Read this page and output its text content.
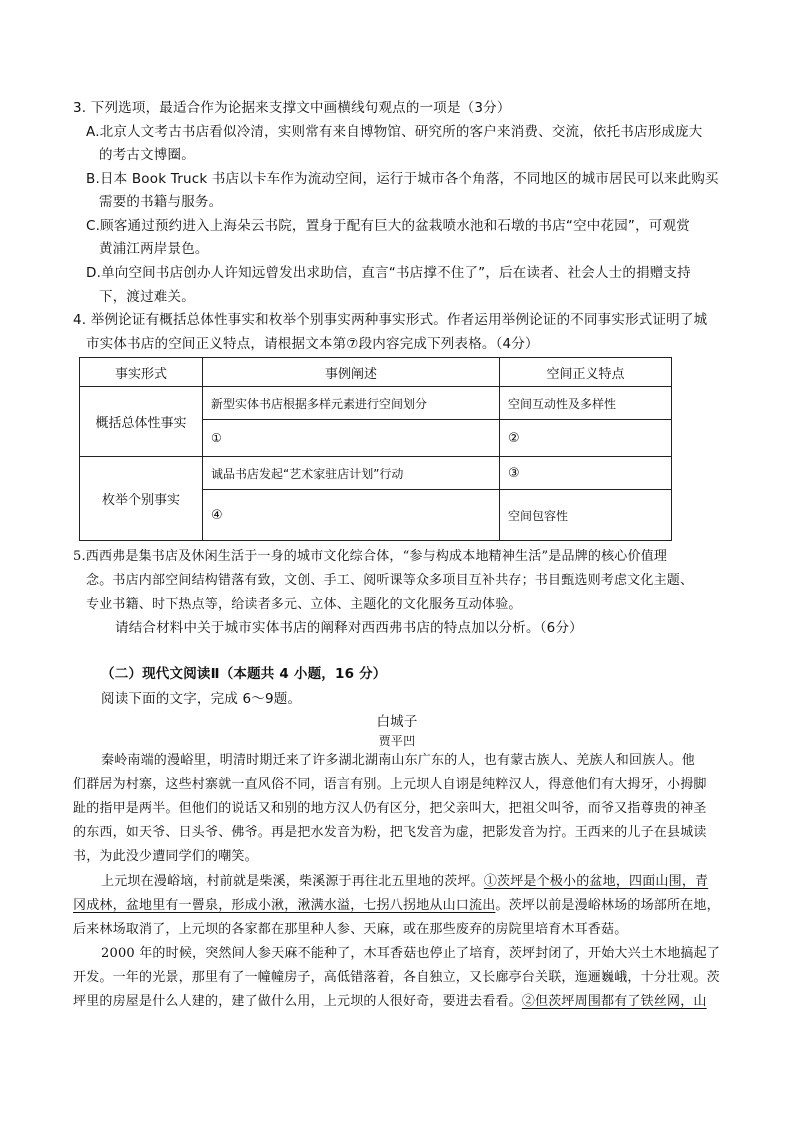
3. 下列选项，最适合作为论据来支撑文中画横线句观点的一项是（3分）
A.北京人文考古书店看似冷清，实则常有来自博物馆、研究所的客户来消费、交流，依托书店形成庞大
的考古文博圈。
B.日本 Book Truck 书店以卡车作为流动空间，运行于城市各个角落，不同地区的城市居民可以来此购买
需要的书籍与服务。
C.顾客通过预约进入上海朵云书院，置身于配有巨大的盆栽喷水池和石墩的书店“空中花园”，可观赏
黄浦江两岸景色。
D.单向空间书店创办人许知远曾发出求助信，直言“书店撑不住了”，后在读者、社会人士的捐赠支持
下，渡过难关。
4. 举例论证有概括总体性事实和枚举个别事实两种事实形式。作者运用举例论证的不同事实形式证明了城
市实体书店的空间正义特点，请根据文本第⑦段内容完成下列表格。（4分）
事实形式	事例阐述	空间正义特点
概括总体性事实	新型实体书店根据多样元素进行空间划分	空间互动性及多样性
	①	②
枚举个别事实	诚品书店发起“艺术家驻店计划”行动	③
	④	空间包容性
5.西西弗是集书店及休闲生活于一身的城市文化综合体，“参与构成本地精神生活”是品牌的核心价值理
念。书店内部空间结构错落有致，文创、手工、阅听课等众多项目互补共存；书目甄选则考虑文化主题、
专业书籍、时下热点等，给读者多元、立体、主题化的文化服务互动体验。
请结合材料中关于城市实体书店的阐释对西西弗书店的特点加以分析。（6分）
（二）现代文阅读Ⅱ（本题共 4 小题，16 分）
阅读下面的文字，完成 6～9题。
白城子
贾平凹
秦岭南端的漫峪里，明清时期迁来了许多湖北湖南山东广东的人，也有蒙古族人、羌族人和回族人。他
们群居为村寨，这些村寨就一直风俗不同，语言有别。上元坝人自诩是纯粹汉人，得意他们有大拇牙，小拇脚
趾的指甲是两半。但他们的说话又和别的地方汉人仍有区分，把父亲叫大，把祖父叫爷，而爷又指尊贵的神圣
的东西，如天爷、日头爷、佛爷。再是把水发音为粉，把飞发音为虚，把影发音为拧。王西来的儿子在县城读
书，为此没少遭同学们的嘲笑。
上元坝在漫峪垴，村前就是柴溪，柴溪源于再往北五里地的茨坪。①茨坪是个极小的盆地，四面山围，青
冈成林，盆地里有一罾泉，形成小湫，湫满水溢，七拐八拐地从山口流出。茨坪以前是漫峪林场的场部所在地，
后来林场取消了，上元坝的各家都在那里种人参、天麻，或在那些废弃的房院里培育木耳香菇。
2000 年的时候，突然间人参天麻不能种了，木耳香菇也停止了培育，茨坪封闭了，开始大兴土木地搞起了
开发。一年的光景，那里有了一幢幢房子，高低错落着，各自独立，又长廊亭台关联，迤逦巍峨，十分壮观。茨
坪里的房屋是什么人建的，建了做什么用，上元坝的人很好奇，要进去看看。②但茨坪周围都有了铁丝网，山
